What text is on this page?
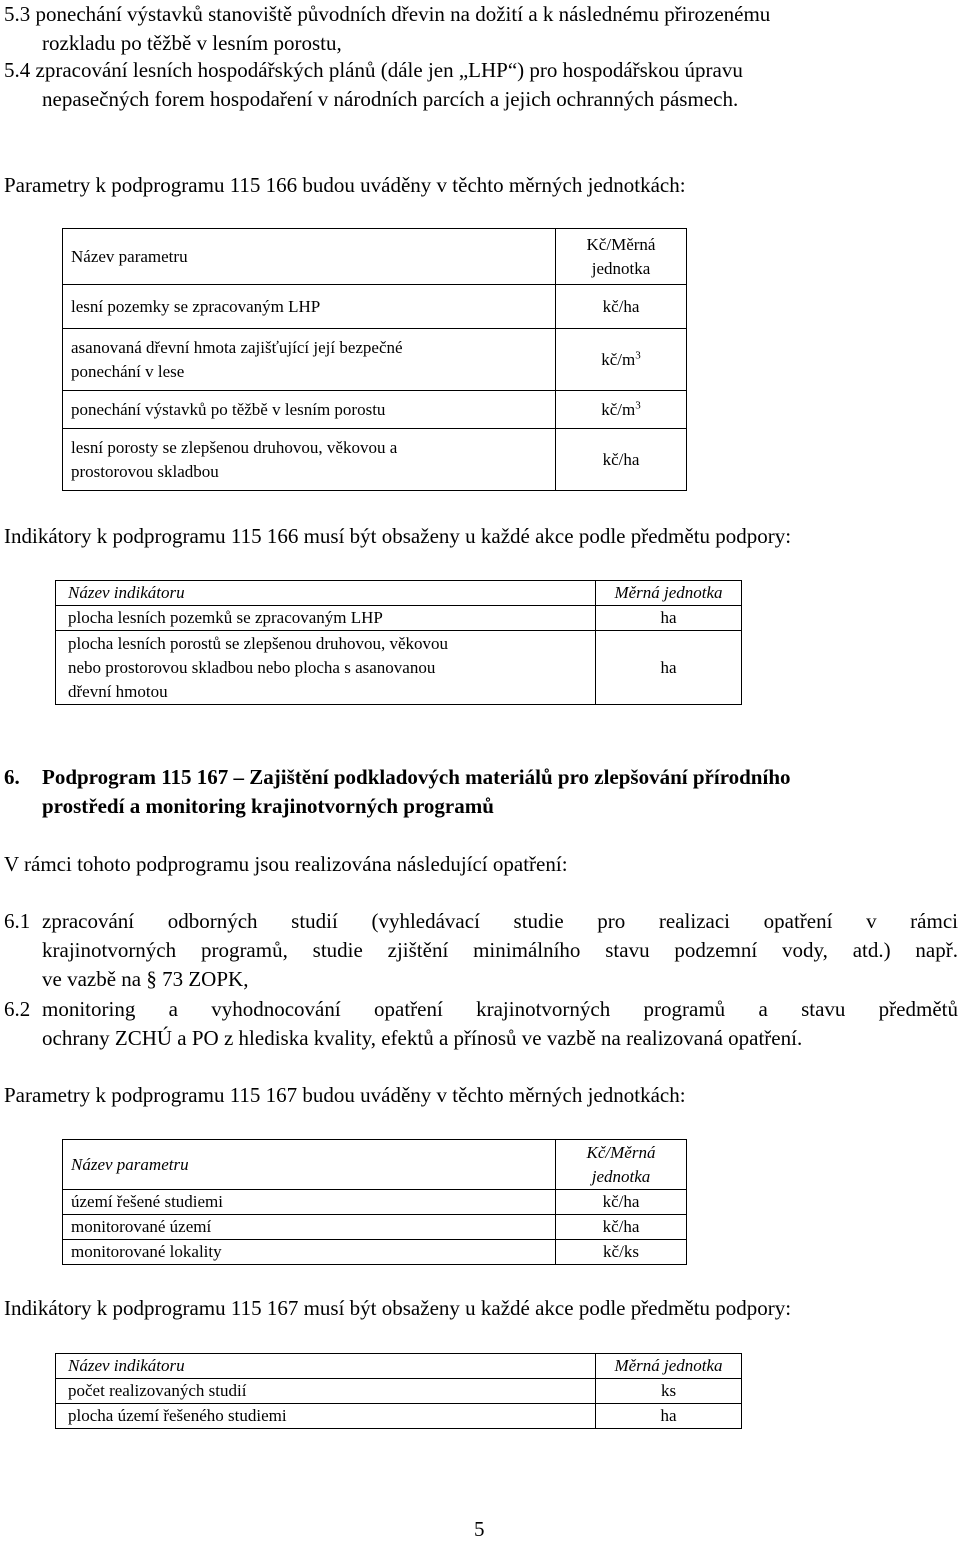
5.3 ponechání výstavků stanoviště původních dřevin na dožití a k následnému přirozenému

rozkladu po těžbě v lesním porostu,

5.4 zpracování lesních hospodářských plánů (dále jen „LHP“) pro hospodářskou úpravu

nepasečných forem hospodaření v národních parcích a jejich ochranných pásmech.

Parametry k podprogramu 115 166 budou uváděny v těchto měrných jednotkách:

Název parametru	Kč/Měrná
jednotka
lesní pozemky se zpracovaným LHP	kč/ha
asanovaná dřevní hmota zajišťující její bezpečné
ponechání v lese	$kč/m^3$
ponechání výstavků po těžbě v lesním porostu	$kč/m^3$
lesní porosty se zlepšenou druhovou, věkovou a
prostorovou skladbou	kč/ha

Indikátory k podprogramu 115 166 musí být obsaženy u každé akce podle předmětu podpory:

Název indikátoru	Měrná jednotka
plocha lesních pozemků se zpracovaným LHP	ha
plocha lesních porostů se zlepšenou druhovou, věkovou
nebo prostorovou skladbou nebo plocha s asanovanou
dřevní hmotou	ha
6. Podprogram 115 167 – Zajištění podkladových materiálů pro zlepšování přírodního
prostředí a monitoring krajinotvorných programů

V rámci tohoto podprogramu jsou realizována následující opatření:

6.1 zpracování odborných studií (vyhledávací studie pro realizaci opatření v rámci

krajinotvorných programů, studie zjištění minimálního stavu podzemní vody, atd.) např.

ve vazbě na § 73 ZOPK,

6.2 monitoring a vyhodnocování opatření krajinotvorných programů a stavu předmětů

ochrany ZCHÚ a PO z hlediska kvality, efektů a přínosů ve vazbě na realizovaná opatření.

Parametry k podprogramu 115 167 budou uváděny v těchto měrných jednotkách:

Název parametru	Kč/Měrná
jednotka
území řešené studiemi	kč/ha
monitorované území	kč/ha
monitorované lokality	kč/ks

Indikátory k podprogramu 115 167 musí být obsaženy u každé akce podle předmětu podpory:

Název indikátoru	Měrná jednotka
počet realizovaných studií	ks
plocha území řešeného studiemi	ha
5
